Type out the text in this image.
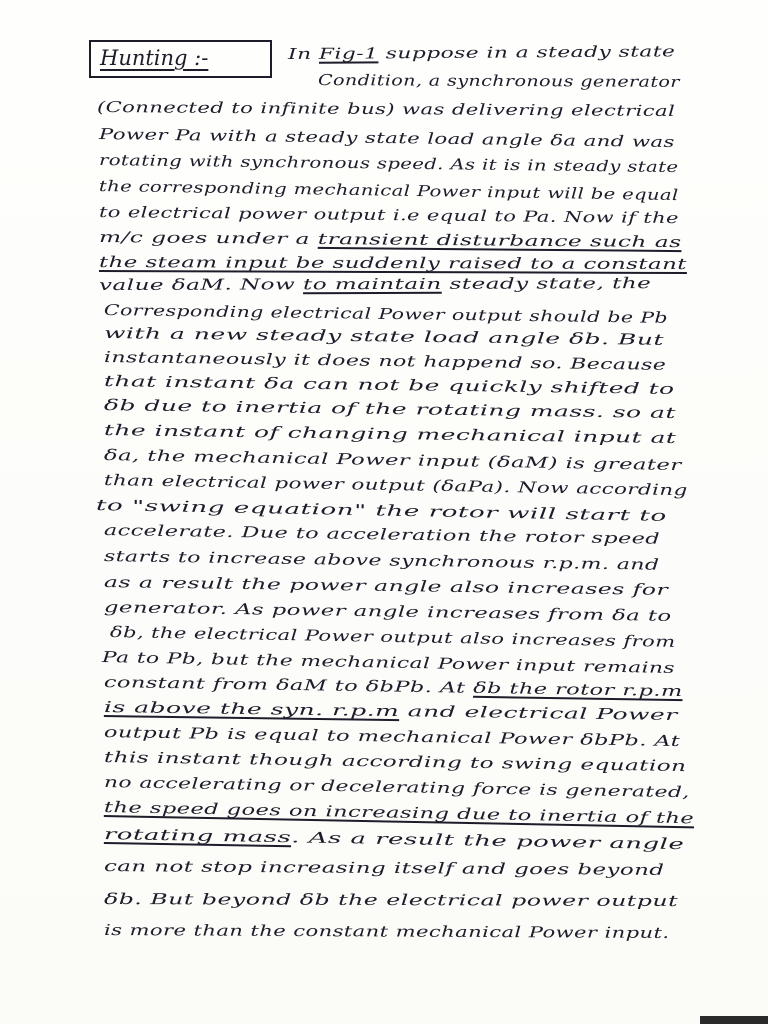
Hunting :-	In Fig-1 suppose in a steady state
Condition, a synchronous generator
(Connected to infinite bus) was delivering electrical
Power Pa with a steady state load angle δa and was
rotating with synchronous speed. As it is in steady state
the corresponding mechanical Power input will be equal
to electrical power output i.e equal to Pa. Now if the
m/c goes under a transient disturbance such as
the steam input be suddenly raised to a constant
value δaM. Now to maintain steady state, the
Corresponding electrical Power output should be Pb
with a new steady state load angle δb. But
instantaneously it does not happend so. Because
that instant δa can not be quickly shifted to
δb due to inertia of the rotating mass. so at
the instant of changing mechanical input at
δa, the mechanical Power input (δaM) is greater
than electrical power output (δaPa). Now according
to "swing equation" the rotor will start to
accelerate. Due to acceleration the rotor speed
starts to increase above synchronous r.p.m. and
as a result the power angle also increases for
generator. As power angle increases from δa to
δb, the electrical Power output also increases from
Pa to Pb, but the mechanical Power input remains
constant from δaM to δbPb. At δb the rotor r.p.m
is above the syn. r.p.m and electrical Power
output Pb is equal to mechanical Power δbPb. At
this instant though according to swing equation
no accelerating or decelerating force is generated,
the speed goes on increasing due to inertia of the
rotating mass. As a result the power angle
can not stop increasing itself and goes beyond
δb. But beyond δb the electrical power output
is more than the constant mechanical Power input.
